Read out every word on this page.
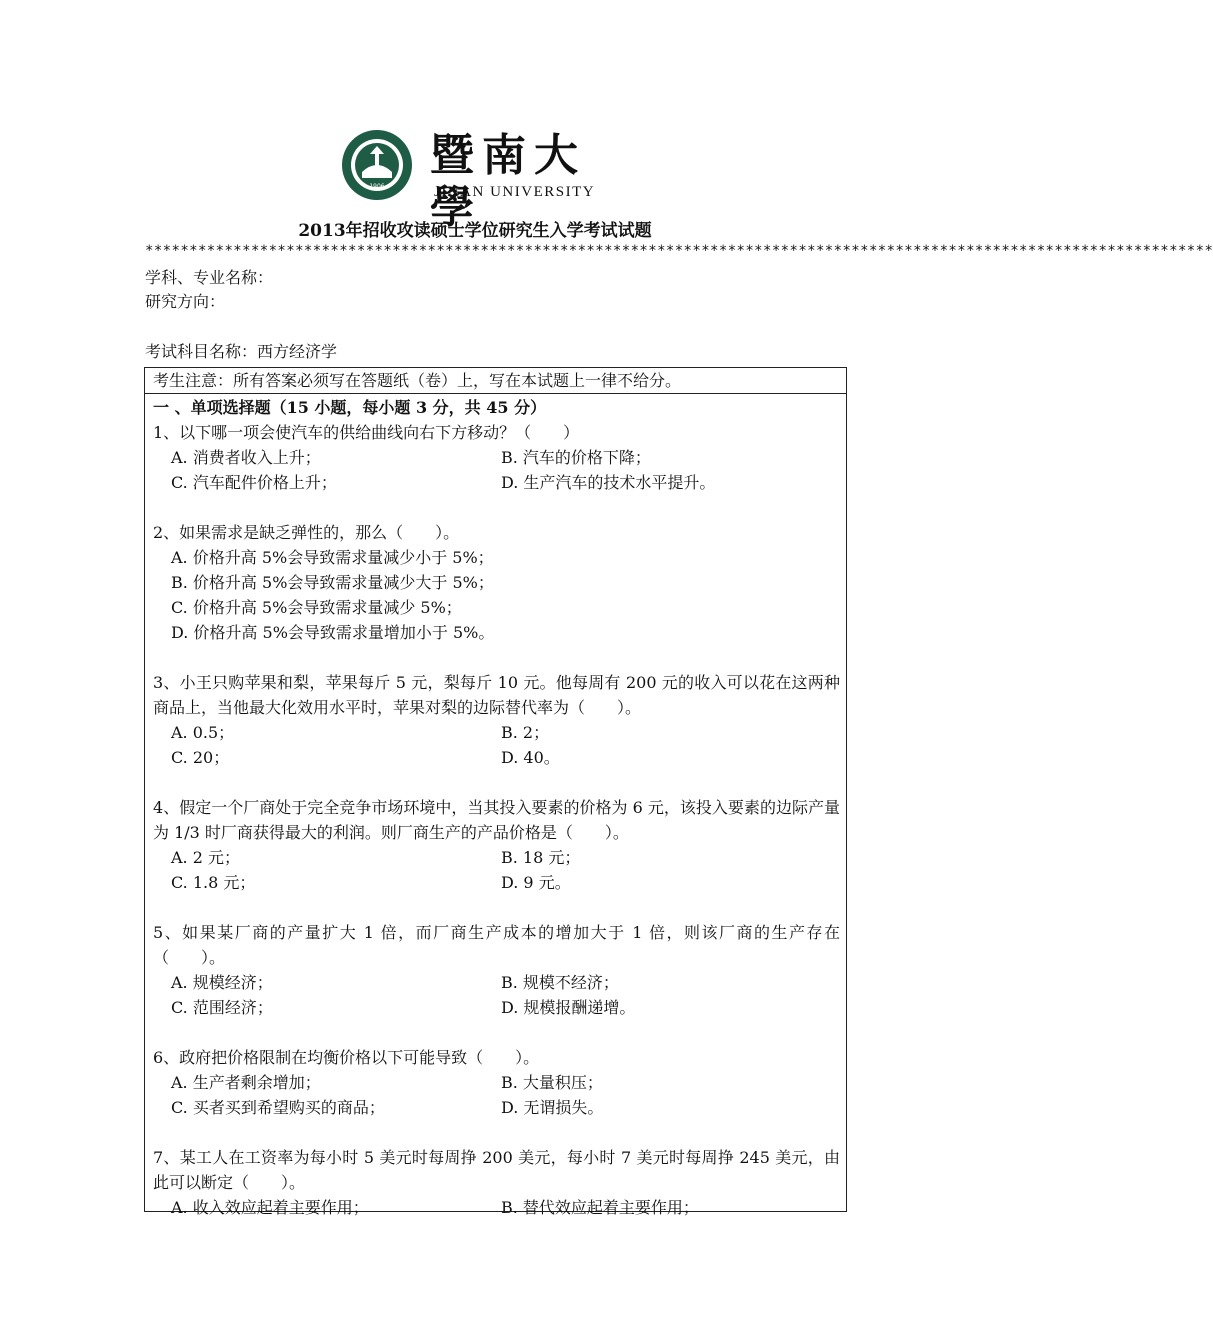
1906
暨南大學
JINAN UNIVERSITY
2013年招收攻读硕士学位研究生入学考试试题
*************************************************************************************************************************
学科、专业名称：
研究方向：
考试科目名称：西方经济学
考生注意：所有答案必须写在答题纸（卷）上，写在本试题上一律不给分。
一 、单项选择题（15 小题，每小题 3 分，共 45 分）
1、以下哪一项会使汽车的供给曲线向右下方移动？（　　）
A. 消费者收入上升；	B. 汽车的价格下降；
C. 汽车配件价格上升；	D. 生产汽车的技术水平提升。
2、如果需求是缺乏弹性的，那么（　　）。
A. 价格升高 5%会导致需求量减少小于 5%；
B. 价格升高 5%会导致需求量减少大于 5%；
C. 价格升高 5%会导致需求量减少 5%；
D. 价格升高 5%会导致需求量增加小于 5%。
3、小王只购苹果和梨，苹果每斤 5 元，梨每斤 10 元。他每周有 200 元的收入可以花在这两种商品上，当他最大化效用水平时，苹果对梨的边际替代率为（　　）。
A. 0.5；	B. 2；
C. 20；	D. 40。
4、假定一个厂商处于完全竞争市场环境中，当其投入要素的价格为 6 元，该投入要素的边际产量为 1/3 时厂商获得最大的利润。则厂商生产的产品价格是（　　）。
A. 2 元；	B. 18 元；
C. 1.8 元；	D. 9 元。
5、如果某厂商的产量扩大 1 倍，而厂商生产成本的增加大于 1 倍，则该厂商的生产存在（　　）。
A. 规模经济；	B. 规模不经济；
C. 范围经济；	D. 规模报酬递增。
6、政府把价格限制在均衡价格以下可能导致（　　）。
A. 生产者剩余增加；	B. 大量积压；
C. 买者买到希望购买的商品；	D. 无谓损失。
7、某工人在工资率为每小时 5 美元时每周挣 200 美元，每小时 7 美元时每周挣 245 美元，由此可以断定（　　）。
A. 收入效应起着主要作用；	B. 替代效应起着主要作用；
